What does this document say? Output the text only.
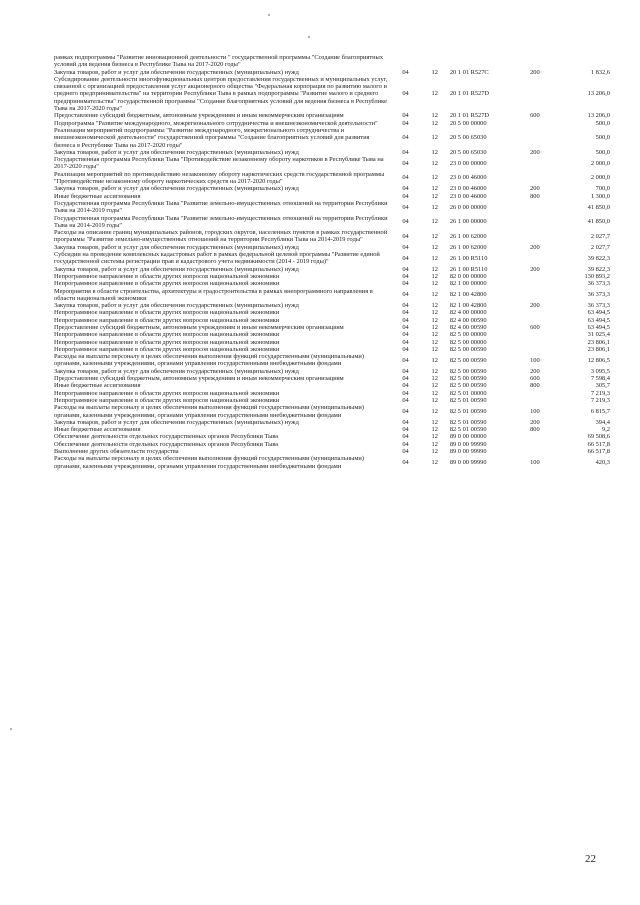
рамках подпрограммы "Развитие инновационной деятельности " государственной программы "Создание благоприятных условий для ведения бизнеса в Республике Тыва на 2017-2020 годы"					
Закупка товаров, работ и услуг для обеспечения государственных (муниципальных) нужд	04	12	20 1 01 R527C	200	1 832,6
Субсидирование деятельности многофункциональных центров предоставления государственных и муниципальных услуг, связанной с организацией предоставления услуг акционерного общества "Федеральная корпорация по развитию малого и среднего предпринимательства" на территории Республики Тыва в рамках подпрограммы "Развитие малого и среднего предпринимательства" государственной программы "Создание благоприятных условий для ведения бизнеса в Республике Тыва на 2017-2020 годы"	04	12	20 1 01 R527D		13 206,0
Предоставление субсидий бюджетным, автономным учреждениям и иным некоммерческим организациям	04	12	20 1 01 R527D	600	13 206,0
Подпрограмма "Развитие международного, межрегионального сотрудничества и внешнеэкономической деятельности"	04	12	20 5 00 00000		500,0
Реализация мероприятий подпрограммы "Развитие международного, межрегионального сотрудничества и внешнеэкономической деятельности" государственной программы "Создание благоприятных условий для развития бизнеса в Республике Тыва на 2017-2020 годы"	04	12	20 5 00 65030		500,0
Закупка товаров, работ и услуг для обеспечения государственных (муниципальных) нужд	04	12	20 5 00 65030	200	500,0
Государственная программа Республики Тыва "Противодействие незаконному обороту наркотиков в Республике Тыва на 2017-2020 годы"	04	12	23 0 00 00000		2 000,0
Реализация мероприятий по противодействию незаконному обороту наркотических средств государственной программы "Противодействие незаконному обороту наркотических средств на 2017-2020 годы"	04	12	23 0 00 46000		2 000,0
Закупка товаров, работ и услуг для обеспечения государственных (муниципальных) нужд	04	12	23 0 00 46000	200	700,0
Иные бюджетные ассигнования	04	12	23 0 00 46000	800	1 300,0
Государственная программа Республики Тыва "Развитие земельно-имущественных отношений на территории Республики Тыва на 2014-2019 годы"	04	12	26 0 00 00000		41 850,0
Государственная программа Республики Тыва "Развитие земельно-имущественных отношений на территории Республики Тыва на 2014-2019 годы"	04	12	26 1 00 00000		41 850,0
Расходы на описание границ муниципальных районов, городских округов, населенных пунктов в рамках государственной программы "Развитие земельно-имущественных отношений на территории Республики Тыва на 2014-2019 годы"	04	12	26 1 00 62000		2 027,7
Закупка товаров, работ и услуг для обеспечения государственных (муниципальных) нужд	04	12	26 1 00 62000	200	2 027,7
Субсидии на проведение комплексных кадастровых работ в рамках федеральной целевой программы "Развитие единой государственной системы регистрации прав и кадастрового учета недвижимости (2014 - 2019 годы)"	04	12	26 1 00 R5110		39 822,3
Закупка товаров, работ и услуг для обеспечения государственных (муниципальных) нужд	04	12	26 1 00 R5110	200	39 822,3
Непрограммное направление в области других вопросов национальной экономики	04	12	82 0 00 00000		130 893,2
Непрограммное направление в области других вопросов национальной экономики	04	12	82 1 00 00000		36 373,3
Мероприятия в области строительства, архитектуры и градостроительства в рамках внепрограммного направления в области национальной экономики	04	12	82 1 00 42800		36 373,3
Закупка товаров, работ и услуг для обеспечения государственных (муниципальных) нужд	04	12	82 1 00 42800	200	36 373,3
Непрограммное направление в области других вопросов национальной экономики	04	12	82 4 00 00000		63 494,5
Непрограммное направление в области других вопросов национальной экономики	04	12	82 4 00 00590		63 494,5
Предоставление субсидий бюджетным, автономным учреждениям и иным некоммерческим организациям	04	12	82 4 00 00590	600	63 494,5
Непрограммное направление в области других вопросов национальной экономики	04	12	82 5 00 00000		31 025,4
Непрограммное направление в области других вопросов национальной экономики	04	12	82 5 00 00000		23 806,1
Непрограммное направление в области других вопросов национальной экономики	04	12	82 5 00 00590		23 806,1
Расходы на выплаты персоналу в целях обеспечения выполнения функций государственными (муниципальными) органами, казенными учреждениями, органами управления государственными внебюджетными фондами	04	12	82 5 00 00590	100	12 806,5
Закупка товаров, работ и услуг для обеспечения государственных (муниципальных) нужд	04	12	82 5 00 00590	200	3 095,5
Предоставление субсидий бюджетным, автономным учреждениям и иным некоммерческим организациям	04	12	82 5 00 00590	600	7 598,4
Иные бюджетные ассигнования	04	12	82 5 00 00590	800	305,7
Непрограммное направление в области других вопросов национальной экономики	04	12	82 5 01 00000		7 219,3
Непрограммное направление в области других вопросов национальной экономики	04	12	82 5 01 00590		7 219,3
Расходы на выплаты персоналу в целях обеспечения выполнения функций государственными (муниципальными) органами, казенными учреждениями, органами управления государственными внебюджетными фондами	04	12	82 5 01 00590	100	6 815,7
Закупка товаров, работ и услуг для обеспечения государственных (муниципальных) нужд	04	12	82 5 01 00590	200	394,4
Иные бюджетные ассигнования	04	12	82 5 01 00590	800	9,2
Обеспечение деятельности отдельных государственных органов Республики Тыва	04	12	89 0 00 00000		69 508,6
Обеспечение деятельности отдельных государственных органов Республики Тыва	04	12	89 0 00 99990		66 517,8
Выполнение других обязательств государства	04	12	89 0 00 99990		66 517,8
Расходы на выплаты персоналу в целях обеспечения выполнения функций государственными (муниципальными) органами, казенными учреждениями, органами управления государственными внебюджетными фондами	04	12	89 0 00 99990	100	420,3
22
